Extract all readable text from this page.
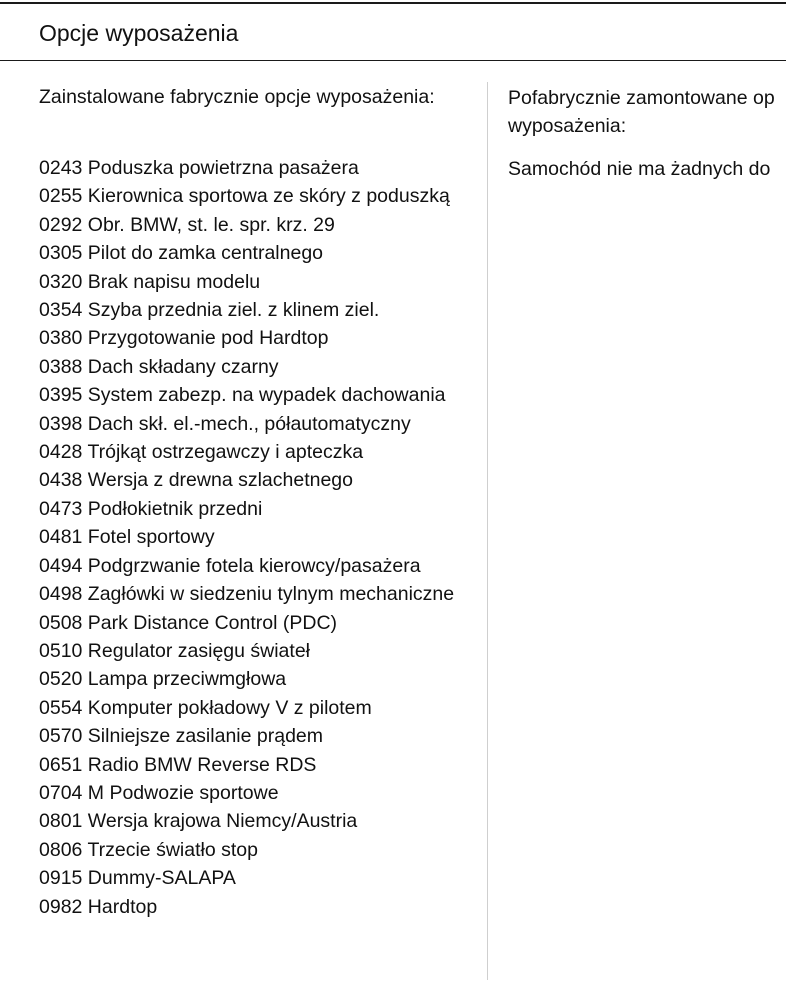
Opcje wyposażenia
Zainstalowane fabrycznie opcje wyposażenia:
0243 Poduszka powietrzna pasażera
0255 Kierownica sportowa ze skóry z poduszką
0292 Obr. BMW, st. le. spr. krz. 29
0305 Pilot do zamka centralnego
0320 Brak napisu modelu
0354 Szyba przednia ziel. z klinem ziel.
0380 Przygotowanie pod Hardtop
0388 Dach składany czarny
0395 System zabezp. na wypadek dachowania
0398 Dach skł. el.-mech., półautomatyczny
0428 Trójkąt ostrzegawczy i apteczka
0438 Wersja z drewna szlachetnego
0473 Podłokietnik przedni
0481 Fotel sportowy
0494 Podgrzwanie fotela kierowcy/pasażera
0498 Zagłówki w siedzeniu tylnym mechaniczne
0508 Park Distance Control (PDC)
0510 Regulator zasięgu świateł
0520 Lampa przeciwmgłowa
0554 Komputer pokładowy V z pilotem
0570 Silniejsze zasilanie prądem
0651 Radio BMW Reverse RDS
0704 M Podwozie sportowe
0801 Wersja krajowa Niemcy/Austria
0806 Trzecie światło stop
0915 Dummy-SALAPA
0982 Hardtop
Pofabrycznie zamontowane op
wyposażenia:
Samochód nie ma żadnych do
